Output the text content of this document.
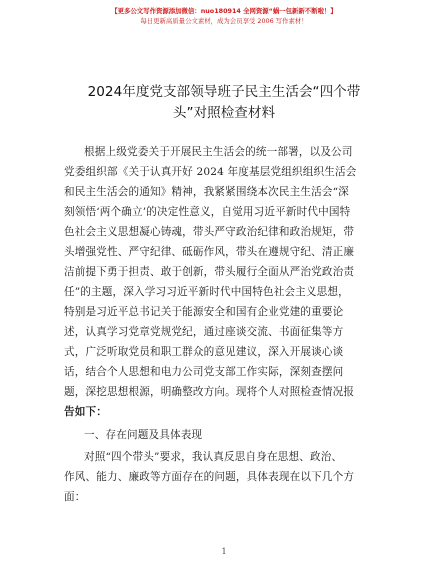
【更多公文写作资源添加微信：nuo180914 全网资源“蜗一包新新不断啦！】
每日更新高质量公文素材，成为会员享受 2006 写作素材！
2024年度党支部领导班子民主生活会“四个带
头”对照检查材料
根据上级党委关于开展民主生活会的统一部署，以及公司
党委组织部《关于认真开好 2024 年度基层党组织组织生活会
和民主生活会的通知》精神，我紧紧围绕本次民主生活会“深
刻领悟‘两个确立’的决定性意义，自觉用习近平新时代中国特
色社会主义思想凝心铸魂，带头严守政治纪律和政治规矩，带
头增强党性、严守纪律、砥砺作风，带头在遵规守纪、清正廉
洁前提下勇于担责、敢于创新，带头履行全面从严治党政治责
任”的主题，深入学习习近平新时代中国特色社会主义思想，
特别是习近平总书记关于能源安全和国有企业党建的重要论
述，认真学习党章党规党纪，通过座谈交流、书面征集等方
式，广泛听取党员和职工群众的意见建议，深入开展谈心谈
话，结合个人思想和电力公司党支部工作实际，深刻查摆问
题，深挖思想根源，明确整改方向。现将个人对照检查情况报
告如下：
一、存在问题及具体表现
对照“四个带头”要求，我认真反思自身在思想、政治、
作风、能力、廉政等方面存在的问题，具体表现在以下几个方
面：
1
